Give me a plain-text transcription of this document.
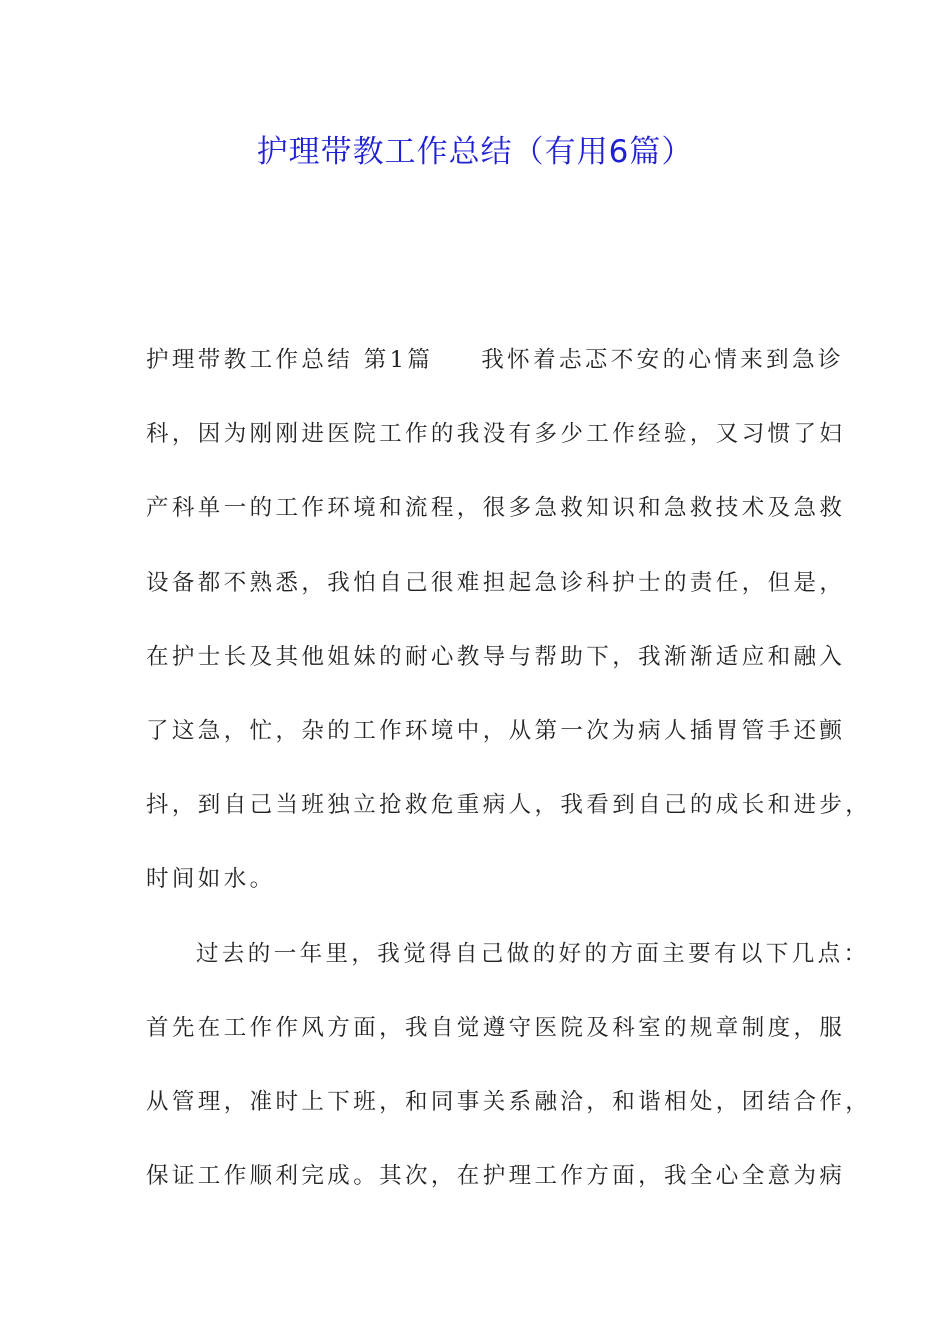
护理带教工作总结（有用6篇）
护理带教工作总结 第1篇 我怀着忐忑不安的心情来到急诊
科，因为刚刚进医院工作的我没有多少工作经验，又习惯了妇
产科单一的工作环境和流程，很多急救知识和急救技术及急救
设备都不熟悉，我怕自己很难担起急诊科护士的责任，但是，
在护士长及其他姐妹的耐心教导与帮助下，我渐渐适应和融入
了这急，忙，杂的工作环境中，从第一次为病人插胃管手还颤
抖，到自己当班独立抢救危重病人，我看到自己的成长和进步，
时间如水。
过去的一年里，我觉得自己做的好的方面主要有以下几点：
首先在工作作风方面，我自觉遵守医院及科室的规章制度，服
从管理，准时上下班，和同事关系融洽，和谐相处，团结合作，
保证工作顺利完成。其次，在护理工作方面，我全心全意为病
